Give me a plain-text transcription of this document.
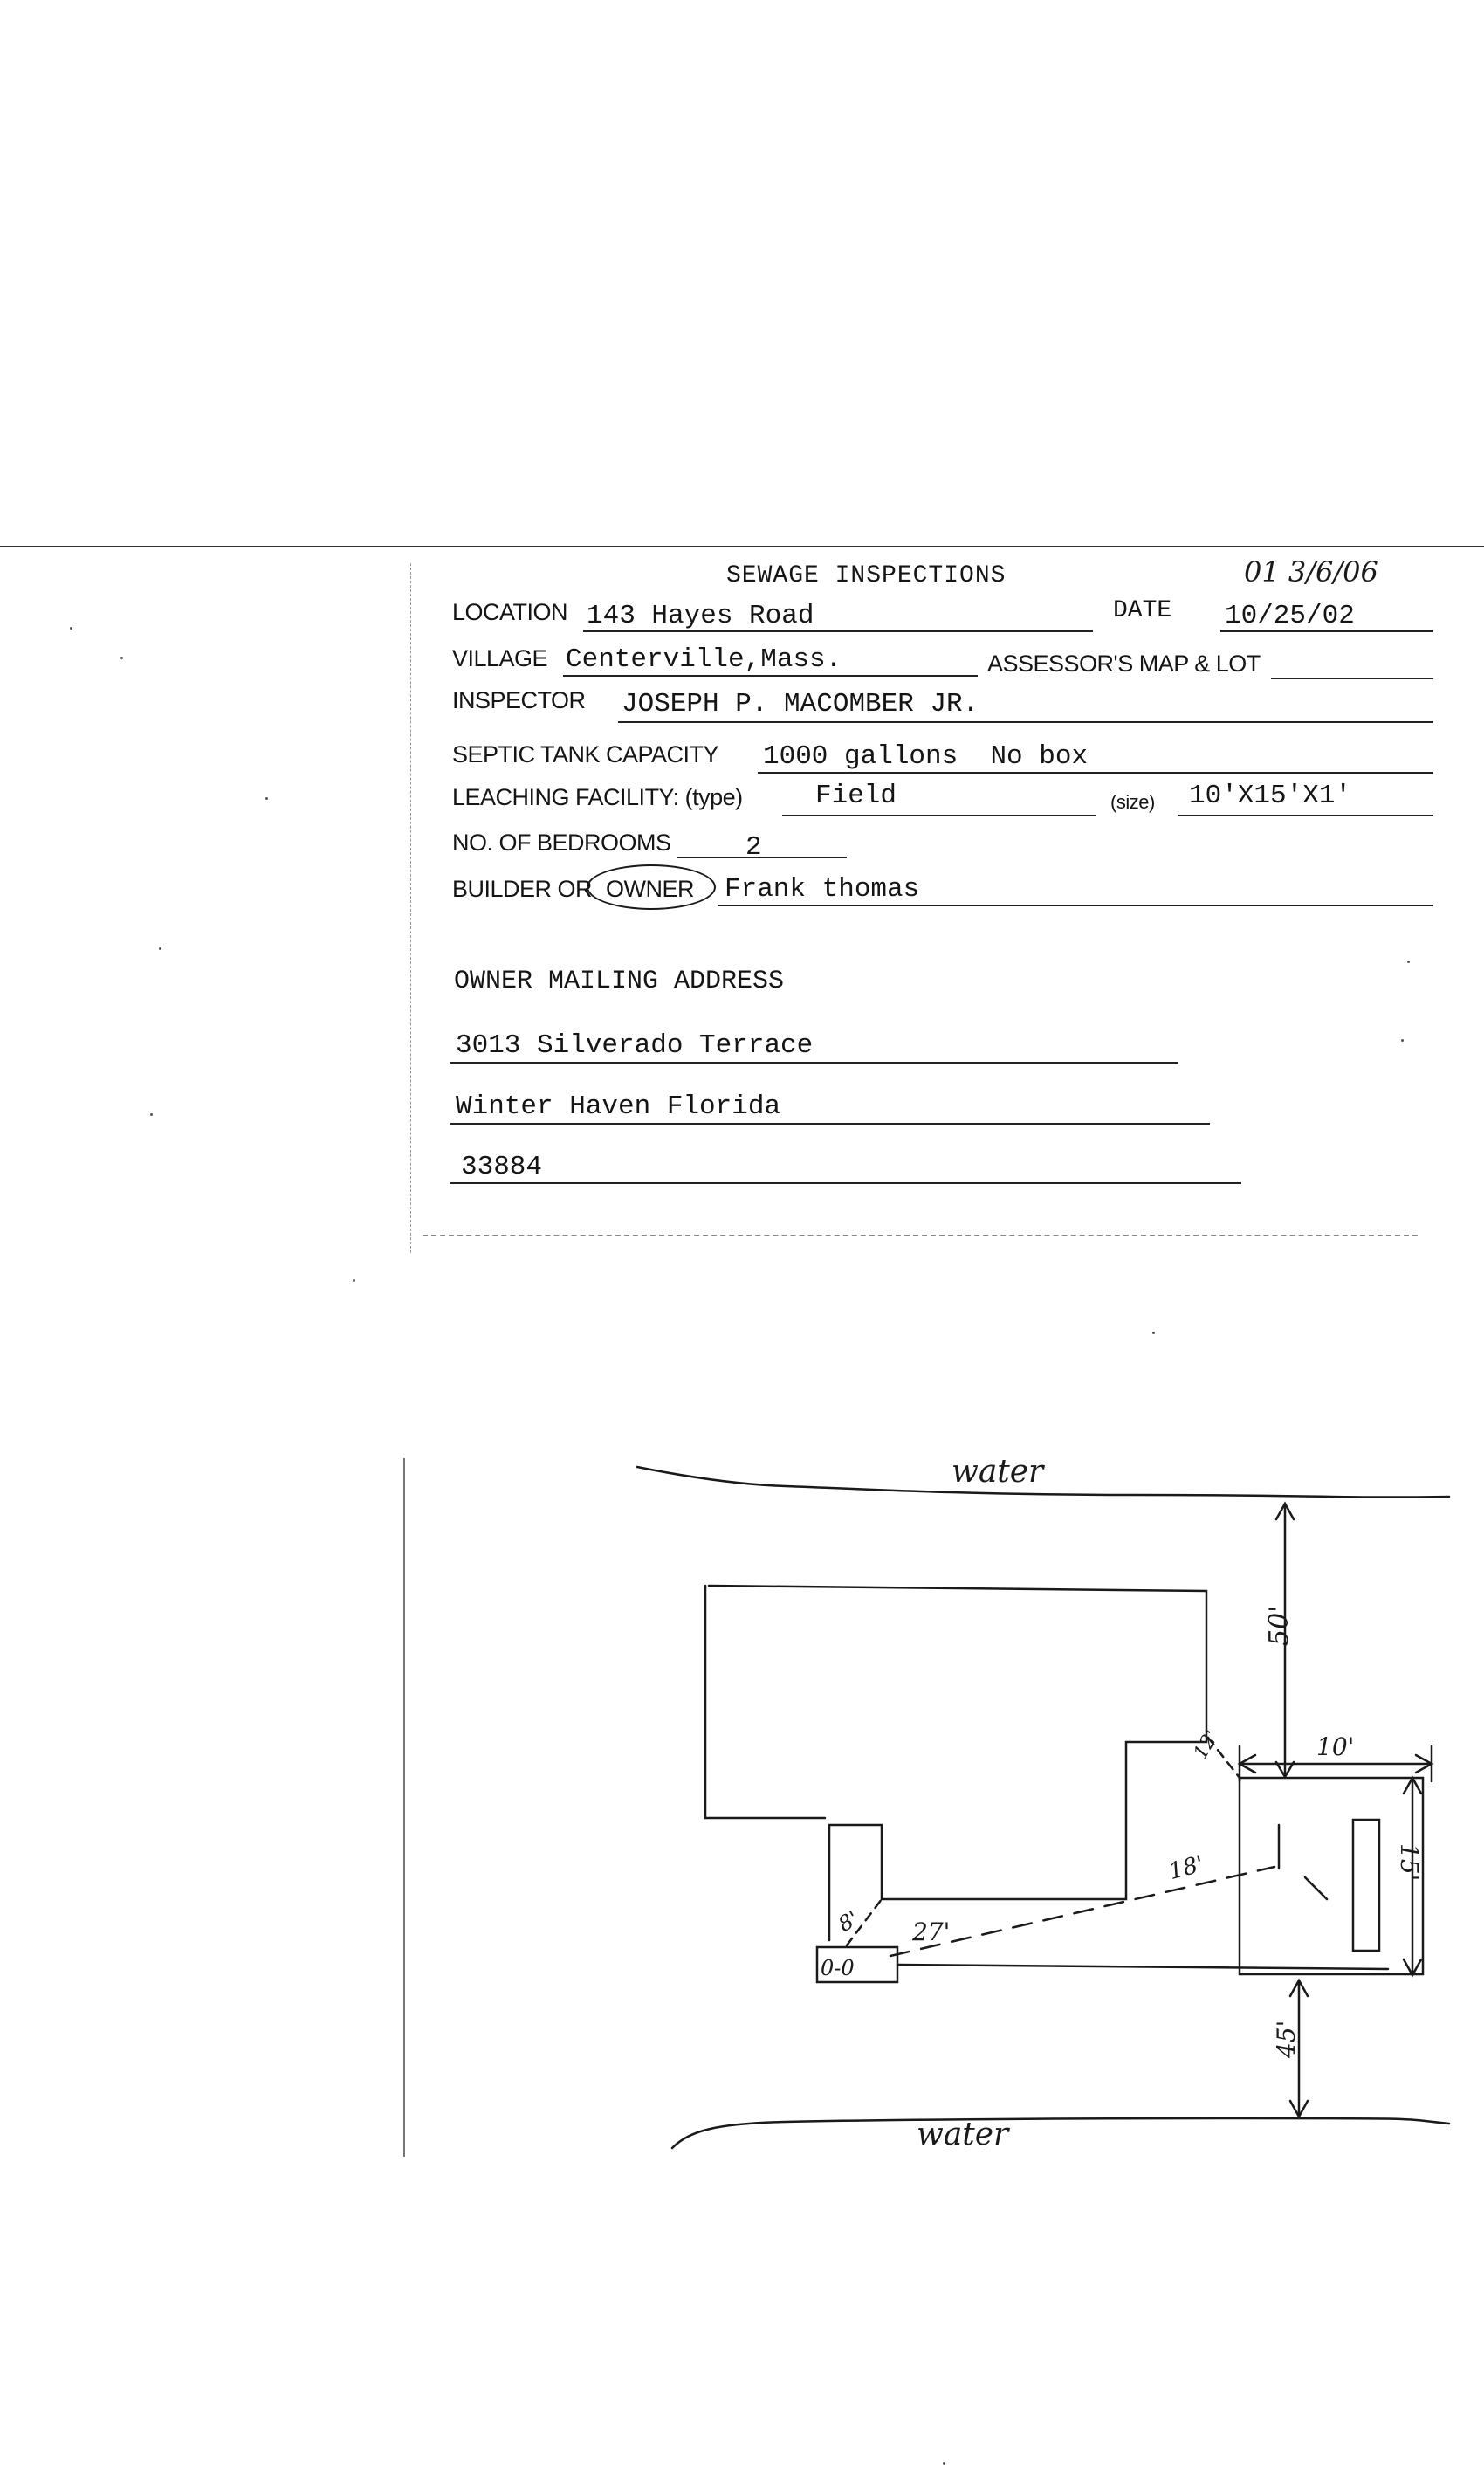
SEWAGE INSPECTIONS	01 3/6/06
LOCATION 143 Hayes Road	DATE 10/25/02
VILLAGE Centerville,Mass.	ASSESSOR'S MAP & LOT
INSPECTOR JOSEPH P. MACOMBER JR.
SEPTIC TANK CAPACITY 1000 gallons  No box
LEACHING FACILITY: (type)	Field	(size) 10'X15'X1'
NO. OF BEDROOMS	2
BUILDER OR OWNER Frank thomas
OWNER MAILING ADDRESS
3013 Silverado Terrace
Winter Haven Florida
33884
water
water
50'
10'
15'
45'
12'
18'
8' 27'
0-0
